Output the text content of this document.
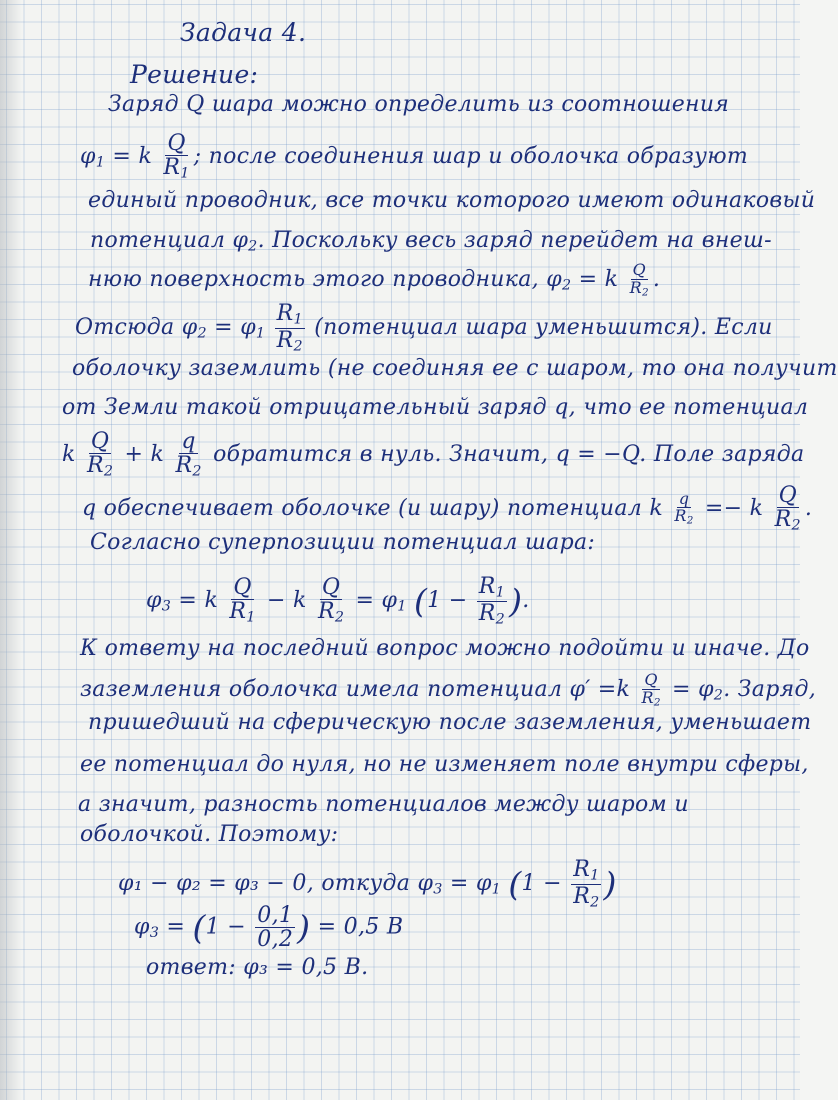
Задача 4.
Решение:
Заряд Q шара можно определить из соотношения
$\varphi_1 = k \frac{Q}{R_1}$ ; после соединения шар и оболочка образуют
единый проводник, все точки которого имеют одинаковый
потенциал $\varphi_2$. Поскольку весь заряд перейдет на внеш-
нюю поверхность этого проводника, $\varphi_2 = k \frac{Q}{R_2}$ .
Отсюда $\varphi_2 = \varphi_1 \frac{R_1}{R_2}$ (потенциал шара уменьшится). Если
оболочку заземлить (не соединяя ее с шаром, то она получит
от Земли такой отрицательный заряд q, что ее потенциал
k $\frac{Q}{R_2} + k \frac{q}{R_2}$ обратится в нуль. Значит, q = −Q. Поле заряда
q обеспечивает оболочке (и шару) потенциал k $\frac{q}{R_2} =- k \frac{Q}{R_2}$ .
Согласно суперпозиции потенциал шара:
$\varphi_3 = k \frac{Q}{R_1} - k \frac{Q}{R_2} = \varphi_1$ ($1 - \frac{R_1}{R_2}$ ).
К ответу на последний вопрос можно подойти и иначе. До
заземления оболочка имела потенциал $\varphi' =k \frac{Q}{R_2} = \varphi_2$. Заряд,
пришедший на сферическую после заземления, уменьшает
ее потенциал до нуля, но не изменяет поле внутри сферы,
а значит, разность потенциалов между шаром и
оболочкой. Поэтому:
φ₁ − φ₂ = φ₃ − 0, откуда $\varphi_3 = \varphi_1$ ($1 - \frac{R_1}{R_2}$ )
$\varphi_3 = (1 - \frac{0,1}{0,2}$ ) = 0,5 В
ответ: φ₃ = 0,5 В.
